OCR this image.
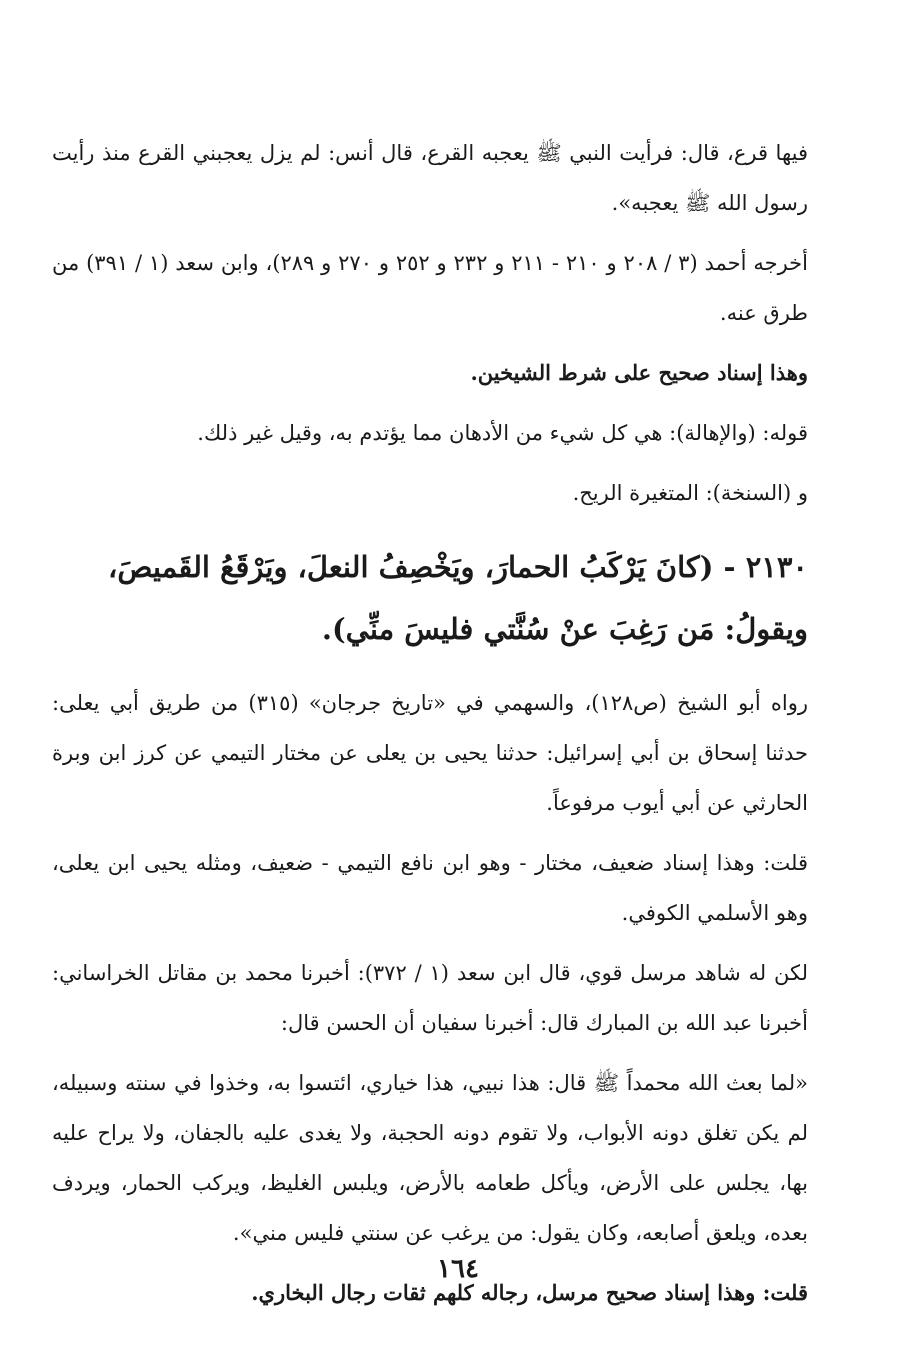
فيها قرع، قال: فرأيت النبي ﷺ يعجبه القرع، قال أنس: لم يزل يعجبني القرع منذ رأيت رسول الله ﷺ يعجبه».

أخرجه أحمد (٣ / ٢٠٨ و ٢١٠ - ٢١١ و ٢٣٢ و ٢٥٢ و ٢٧٠ و ٢٨٩)، وابن سعد (١ / ٣٩١) من طرق عنه.

وهذا إسناد صحيح على شرط الشيخين.

قوله: (والإهالة): هي كل شيء من الأدهان مما يؤتدم به، وقيل غير ذلك.

و (السنخة): المتغيرة الريح.

٢١٣٠ - (كانَ يَرْكَبُ الحمارَ، ويَخْصِفُ النعلَ، ويَرْقَعُ القَميصَ، ويقولُ: مَن رَغِبَ عنْ سُنَّتي فليسَ منِّي).

رواه أبو الشيخ (ص١٢٨)، والسهمي في «تاريخ جرجان» (٣١٥) من طريق أبي يعلى: حدثنا إسحاق بن أبي إسرائيل: حدثنا يحيى بن يعلى عن مختار التيمي عن كرز ابن وبرة الحارثي عن أبي أيوب مرفوعاً.

قلت: وهذا إسناد ضعيف، مختار - وهو ابن نافع التيمي - ضعيف، ومثله يحيى ابن يعلى، وهو الأسلمي الكوفي.

لكن له شاهد مرسل قوي، قال ابن سعد (١ / ٣٧٢): أخبرنا محمد بن مقاتل الخراساني: أخبرنا عبد الله بن المبارك قال: أخبرنا سفيان أن الحسن قال:

«لما بعث الله محمداً ﷺ قال: هذا نبيي، هذا خياري، ائتسوا به، وخذوا في سنته وسبيله، لم يكن تغلق دونه الأبواب، ولا تقوم دونه الحجبة، ولا يغدى عليه بالجفان، ولا يراح عليه بها، يجلس على الأرض، ويأكل طعامه بالأرض، ويلبس الغليظ، ويركب الحمار، ويردف بعده، ويلعق أصابعه، وكان يقول: من يرغب عن سنتي فليس مني».

قلت: وهذا إسناد صحيح مرسل، رجاله كلهم ثقات رجال البخاري.

١٦٤
